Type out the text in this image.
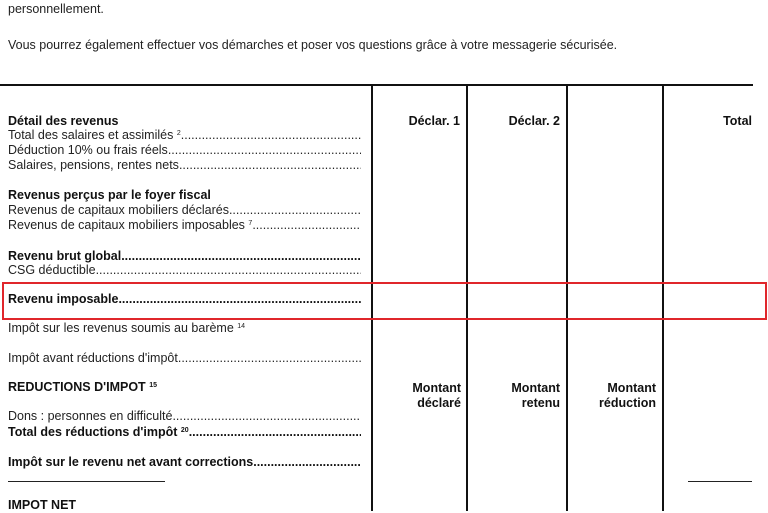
personnellement.
Vous pourrez également effectuer vos démarches et poser vos questions grâce à votre messagerie sécurisée.
Déclar. 1	Déclar. 2	Total
Montant
déclaré
Montant
retenu
Montant
réduction
Détail des revenus
Total des salaires et assimilés $^2$
.....
Déduction 10% ou frais réels
.....
Salaires, pensions, rentes nets
.....
Revenus perçus par le foyer fiscal
Revenus de capitaux mobiliers déclarés
.....
Revenus de capitaux mobiliers imposables $^7$
.....
Revenu brut global
.....
CSG déductible
.....
Revenu imposable
.....
Impôt sur les revenus soumis au barème $^{14}$
Impôt avant réductions d'impôt
.....
REDUCTIONS D'IMPOT $^{15}$
Dons : personnes en difficulté
.....
Total des réductions d'impôt $^{20}$
.....
Impôt sur le revenu net avant corrections
.....
IMPOT NET
